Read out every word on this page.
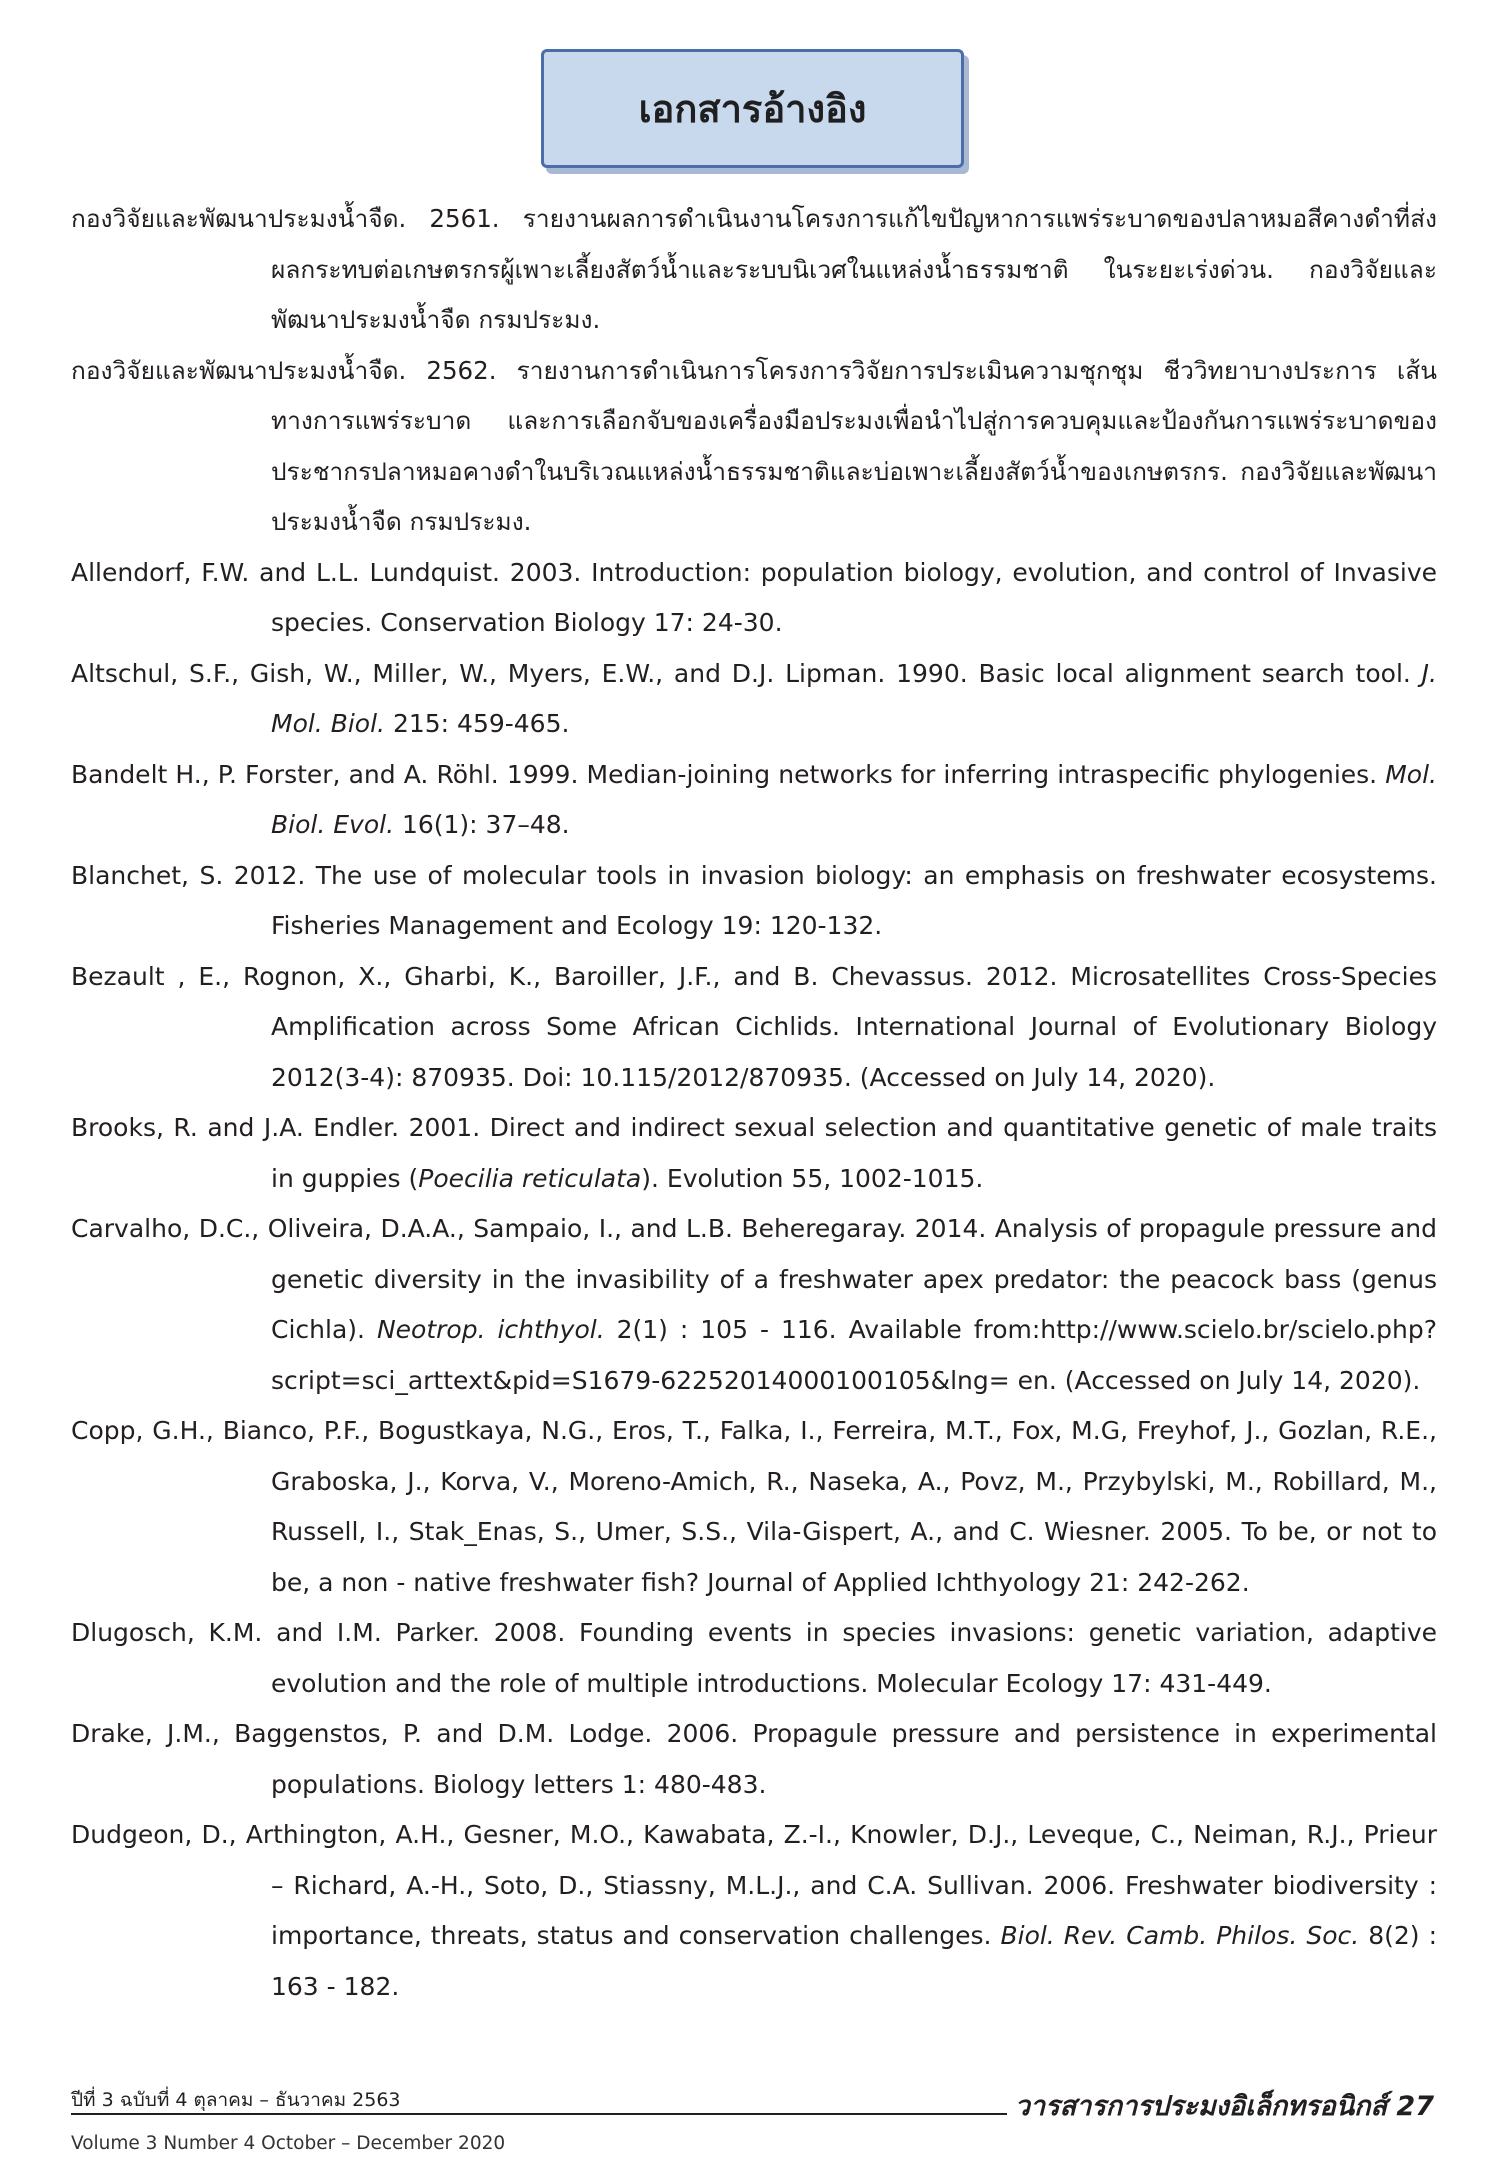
เอกสารอ้างอิง
กองวิจัยและพัฒนาประมงน้ำจืด. 2561. รายงานผลการดำเนินงานโครงการแก้ไขปัญหาการแพร่ระบาดของปลาหมอสีคางดำที่ส่งผลกระทบต่อเกษตรกรผู้เพาะเลี้ยงสัตว์น้ำและระบบนิเวศในแหล่งน้ำธรรมชาติ ในระยะเร่งด่วน. กองวิจัยและพัฒนาประมงน้ำจืด กรมประมง.
กองวิจัยและพัฒนาประมงน้ำจืด. 2562. รายงานการดำเนินการโครงการวิจัยการประเมินความชุกชุม ชีววิทยาบางประการ เส้นทางการแพร่ระบาด และการเลือกจับของเครื่องมือประมงเพื่อนำไปสู่การควบคุมและป้องกันการแพร่ระบาดของประชากรปลาหมอคางดำในบริเวณแหล่งน้ำธรรมชาติและบ่อเพาะเลี้ยงสัตว์น้ำของเกษตรกร. กองวิจัยและพัฒนาประมงน้ำจืด กรมประมง.
Allendorf, F.W. and L.L. Lundquist. 2003. Introduction: population biology, evolution, and control of Invasive species. Conservation Biology 17: 24-30.
Altschul, S.F., Gish, W., Miller, W., Myers, E.W., and D.J. Lipman. 1990. Basic local alignment search tool. J. Mol. Biol. 215: 459-465.
Bandelt H., P. Forster, and A. Röhl. 1999. Median-joining networks for inferring intraspecific phylogenies. Mol. Biol. Evol. 16(1): 37–48.
Blanchet, S. 2012. The use of molecular tools in invasion biology: an emphasis on freshwater ecosystems. Fisheries Management and Ecology 19: 120-132.
Bezault , E., Rognon, X., Gharbi, K., Baroiller, J.F., and B. Chevassus. 2012. Microsatellites Cross-Species Amplification across Some African Cichlids. International Journal of Evolutionary Biology 2012(3-4): 870935. Doi: 10.115/2012/870935. (Accessed on July 14, 2020).
Brooks, R. and J.A. Endler. 2001. Direct and indirect sexual selection and quantitative genetic of male traits in guppies (Poecilia reticulata). Evolution 55, 1002-1015.
Carvalho, D.C., Oliveira, D.A.A., Sampaio, I., and L.B. Beheregaray. 2014. Analysis of propagule pressure and genetic diversity in the invasibility of a freshwater apex predator: the peacock bass (genus Cichla). Neotrop. ichthyol. 2(1) : 105 - 116. Available from:http://www.scielo.br/scielo.php?script=sci_arttext&pid=S1679-62252014000100105&lng= en. (Accessed on July 14, 2020).
Copp, G.H., Bianco, P.F., Bogustkaya, N.G., Eros, T., Falka, I., Ferreira, M.T., Fox, M.G, Freyhof, J., Gozlan, R.E., Graboska, J., Korva, V., Moreno-Amich, R., Naseka, A., Povz, M., Przybylski, M., Robillard, M., Russell, I., Stak_Enas, S., Umer, S.S., Vila-Gispert, A., and C. Wiesner. 2005. To be, or not to be, a non - native freshwater fish? Journal of Applied Ichthyology 21: 242-262.
Dlugosch, K.M. and I.M. Parker. 2008. Founding events in species invasions: genetic variation, adaptive evolution and the role of multiple introductions. Molecular Ecology 17: 431-449.
Drake, J.M., Baggenstos, P. and D.M. Lodge. 2006. Propagule pressure and persistence in experimental populations. Biology letters 1: 480-483.
Dudgeon, D., Arthington, A.H., Gesner, M.O., Kawabata, Z.-I., Knowler, D.J., Leveque, C., Neiman, R.J., Prieur – Richard, A.-H., Soto, D., Stiassny, M.L.J., and C.A. Sullivan. 2006. Freshwater biodiversity : importance, threats, status and conservation challenges. Biol. Rev. Camb. Philos. Soc. 8(2) : 163 - 182.
ปีที่ 3 ฉบับที่ 4 ตุลาคม – ธันวาคม 2563
Volume 3 Number 4 October – December 2020
วารสารการประมงอิเล็กทรอนิกส์ 27
